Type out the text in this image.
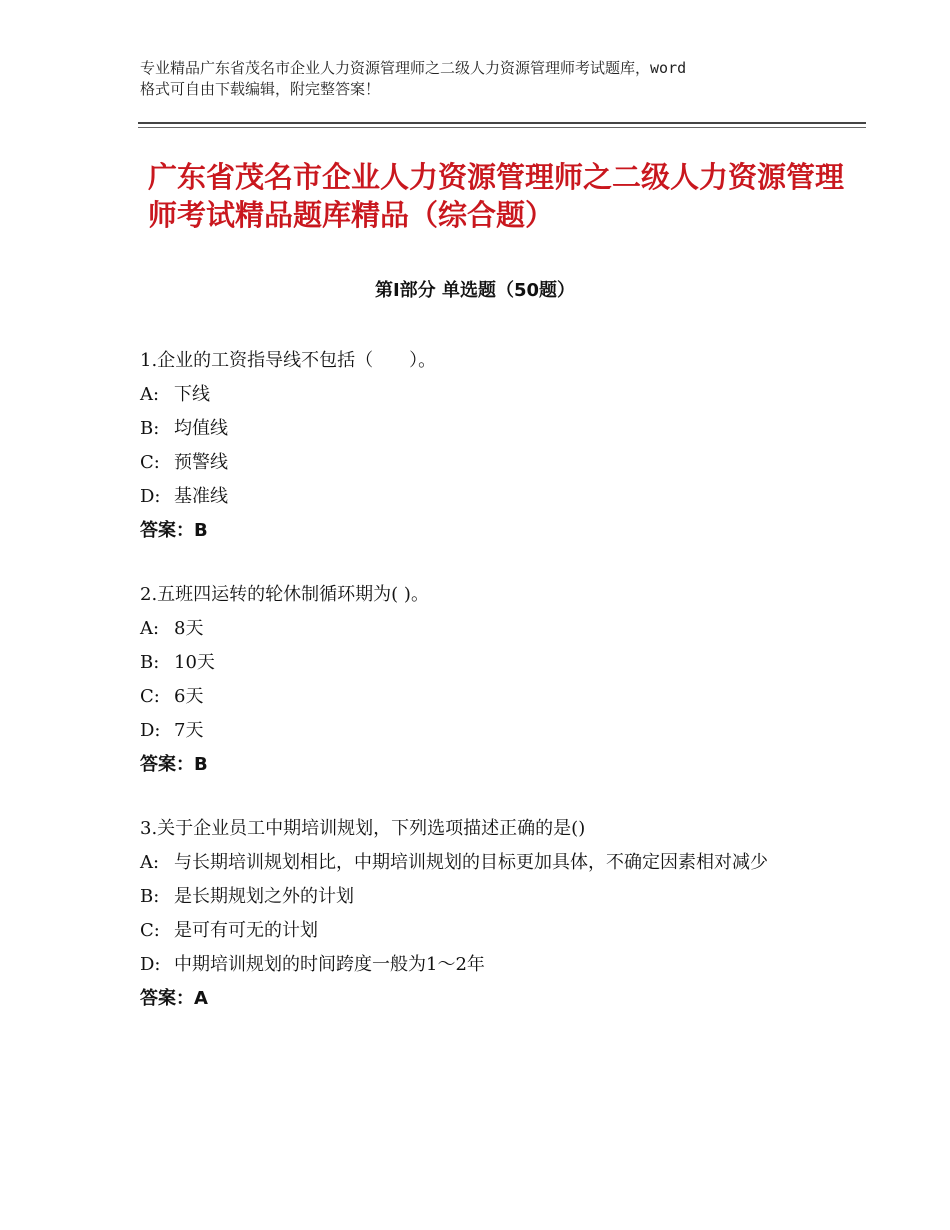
专业精品广东省茂名市企业人力资源管理师之二级人力资源管理师考试题库，word
格式可自由下载编辑，附完整答案！
广东省茂名市企业人力资源管理师之二级人力资源管理师考试精品题库精品（综合题）
第Ⅰ部分 单选题（50题）
1.企业的工资指导线不包括（　　）。
A: 下线
B: 均值线
C: 预警线
D: 基准线
答案：B
2.五班四运转的轮休制循环期为( )。
A: 8天
B: 10天
C: 6天
D: 7天
答案：B
3.关于企业员工中期培训规划，下列选项描述正确的是()
A: 与长期培训规划相比，中期培训规划的目标更加具体，不确定因素相对减少
B: 是长期规划之外的计划
C: 是可有可无的计划
D: 中期培训规划的时间跨度一般为1～2年
答案：A
